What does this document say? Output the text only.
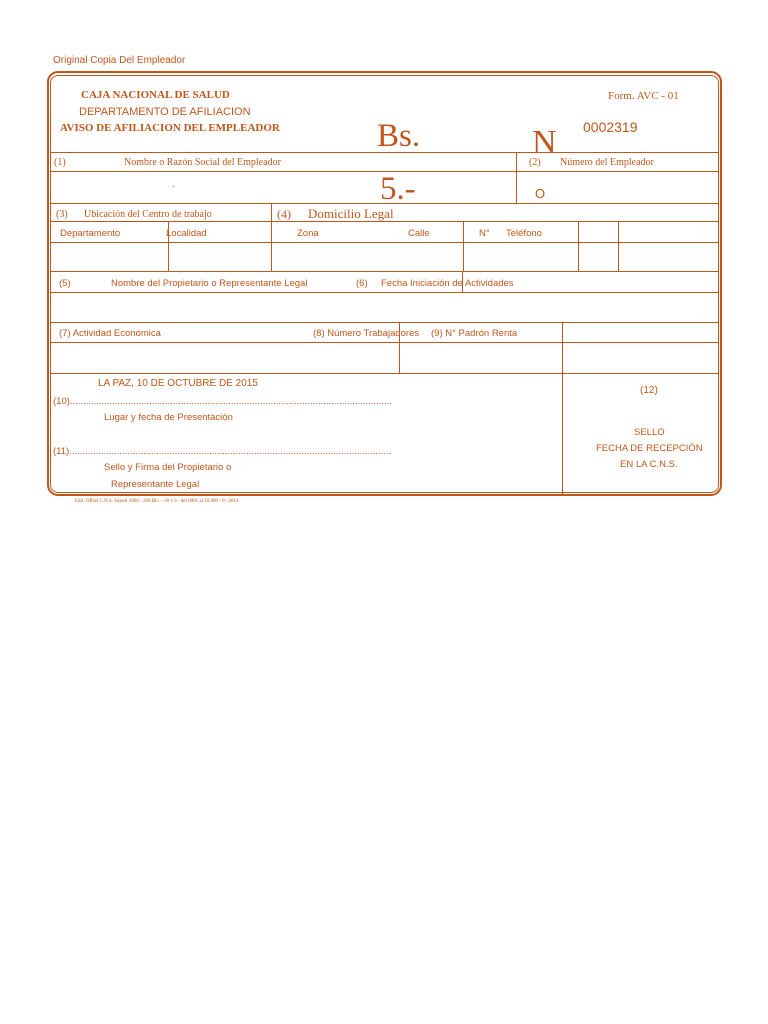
Original Copia Del Empleador
CAJA NACIONAL DE SALUD
DEPARTAMENTO DE AFILIACION
AVISO DE AFILIACION DEL EMPLEADOR
Form. AVC - 01
0002319
Bs.	N
5.-
(1)	Nombre o Razón Social del Empleador
.
(2) Número del Empleador
O
(3) Ubicación del Centro de trabajo	(4) Domicilio Legal
Departamento	Localidad	Zona	Calle	N° Teléfono
(5)	Nombre del Propietario o Representante Legal	(6) Fecha Iniciación de Actividades
(7) Actividad Económica	(8) Número Trabajadores (9) N° Padrón Renta
LA PAZ, 10 DE OCTUBRE DE 2015
(10)..........................................................................................................................
Lugar y fecha de Presentación
(11)..........................................................................................................................
Sello y Firma del Propietario o
Representante Legal
(12)
SELLO
FECHA DE RECEPCIÓN
EN LA C.N.S.
Edit. Offset C.N.S. Sopori 1066 - 200 Blc. - 50 x 3 - del 0001 al 10.000 - 9 / 2014
